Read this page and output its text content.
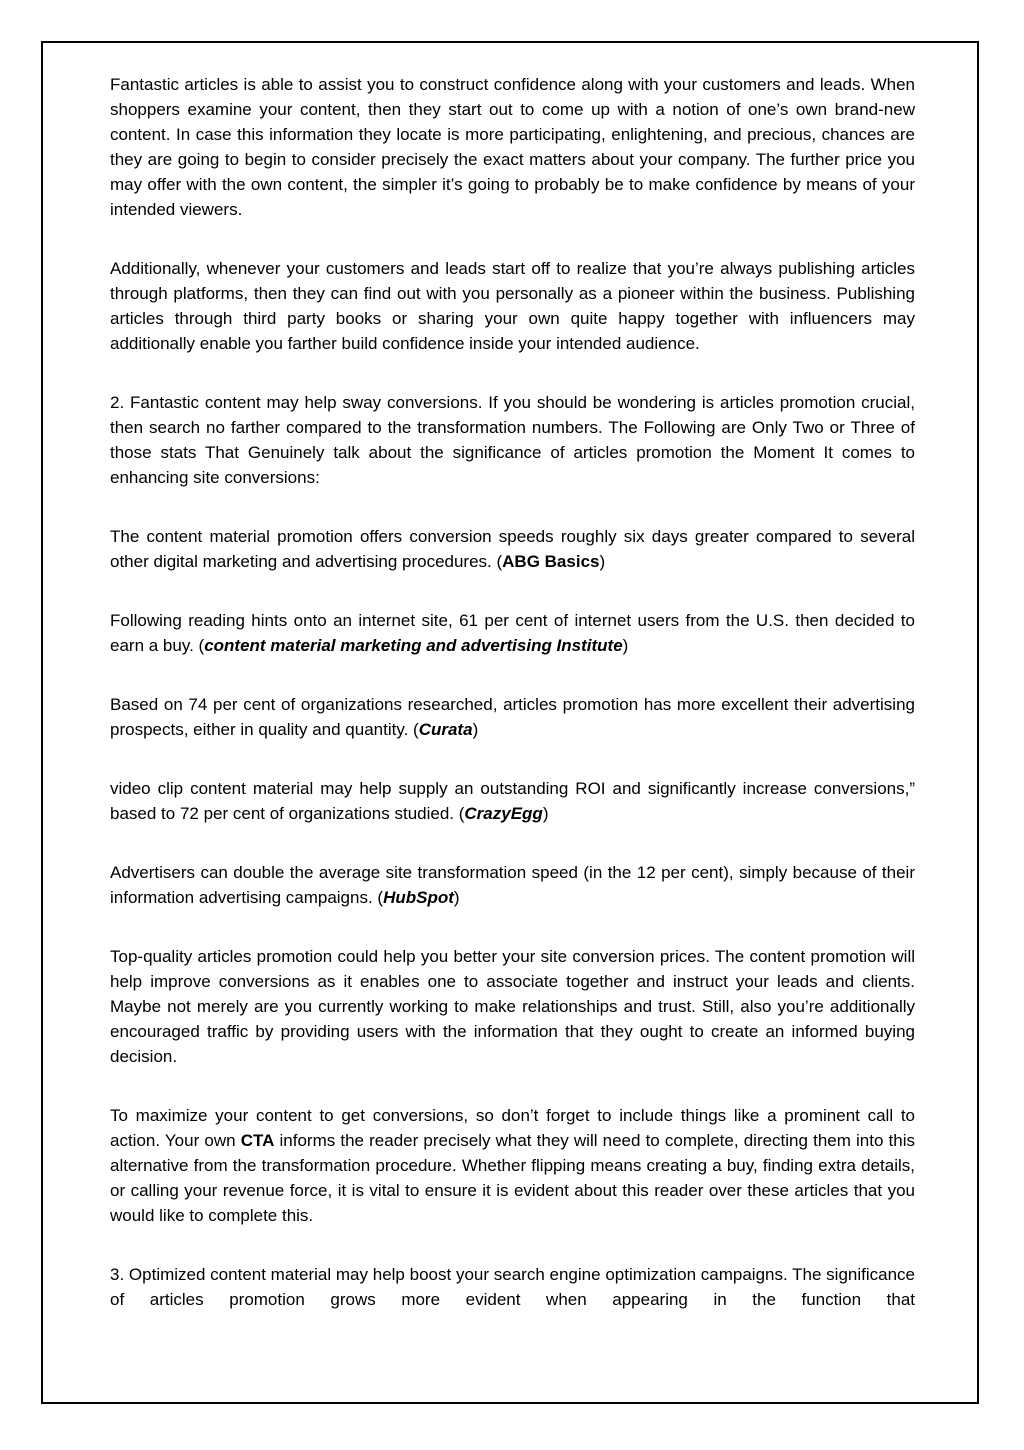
Fantastic articles is able to assist you to construct confidence along with your customers and leads. When shoppers examine your content, then they start out to come up with a notion of one’s own brand-new content. In case this information they locate is more participating, enlightening, and precious, chances are they are going to begin to consider precisely the exact matters about your company. The further price you may offer with the own content, the simpler it’s going to probably be to make confidence by means of your intended viewers.

Additionally, whenever your customers and leads start off to realize that you’re always publishing articles through platforms, then they can find out with you personally as a pioneer within the business. Publishing articles through third party books or sharing your own quite happy together with influencers may additionally enable you farther build confidence inside your intended audience.

2. Fantastic content may help sway conversions. If you should be wondering is articles promotion crucial, then search no farther compared to the transformation numbers. The Following are Only Two or Three of those stats That Genuinely talk about the significance of articles promotion the Moment It comes to enhancing site conversions:

The content material promotion offers conversion speeds roughly six days greater compared to several other digital marketing and advertising procedures. (ABG Basics)

Following reading hints onto an internet site, 61 per cent of internet users from the U.S. then decided to earn a buy. (content material marketing and advertising Institute)

Based on 74 per cent of organizations researched, articles promotion has more excellent their advertising prospects, either in quality and quantity. (Curata)

video clip content material may help supply an outstanding ROI and significantly increase conversions,” based to 72 per cent of organizations studied. (CrazyEgg)

Advertisers can double the average site transformation speed (in the 12 per cent), simply because of their information advertising campaigns. (HubSpot)

Top-quality articles promotion could help you better your site conversion prices. The content promotion will help improve conversions as it enables one to associate together and instruct your leads and clients. Maybe not merely are you currently working to make relationships and trust. Still, also you’re additionally encouraged traffic by providing users with the information that they ought to create an informed buying decision.

To maximize your content to get conversions, so don’t forget to include things like a prominent call to action. Your own CTA informs the reader precisely what they will need to complete, directing them into this alternative from the transformation procedure. Whether flipping means creating a buy, finding extra details, or calling your revenue force, it is vital to ensure it is evident about this reader over these articles that you would like to complete this.

3. Optimized content material may help boost your search engine optimization campaigns. The significance of articles promotion grows more evident when appearing in the function that
